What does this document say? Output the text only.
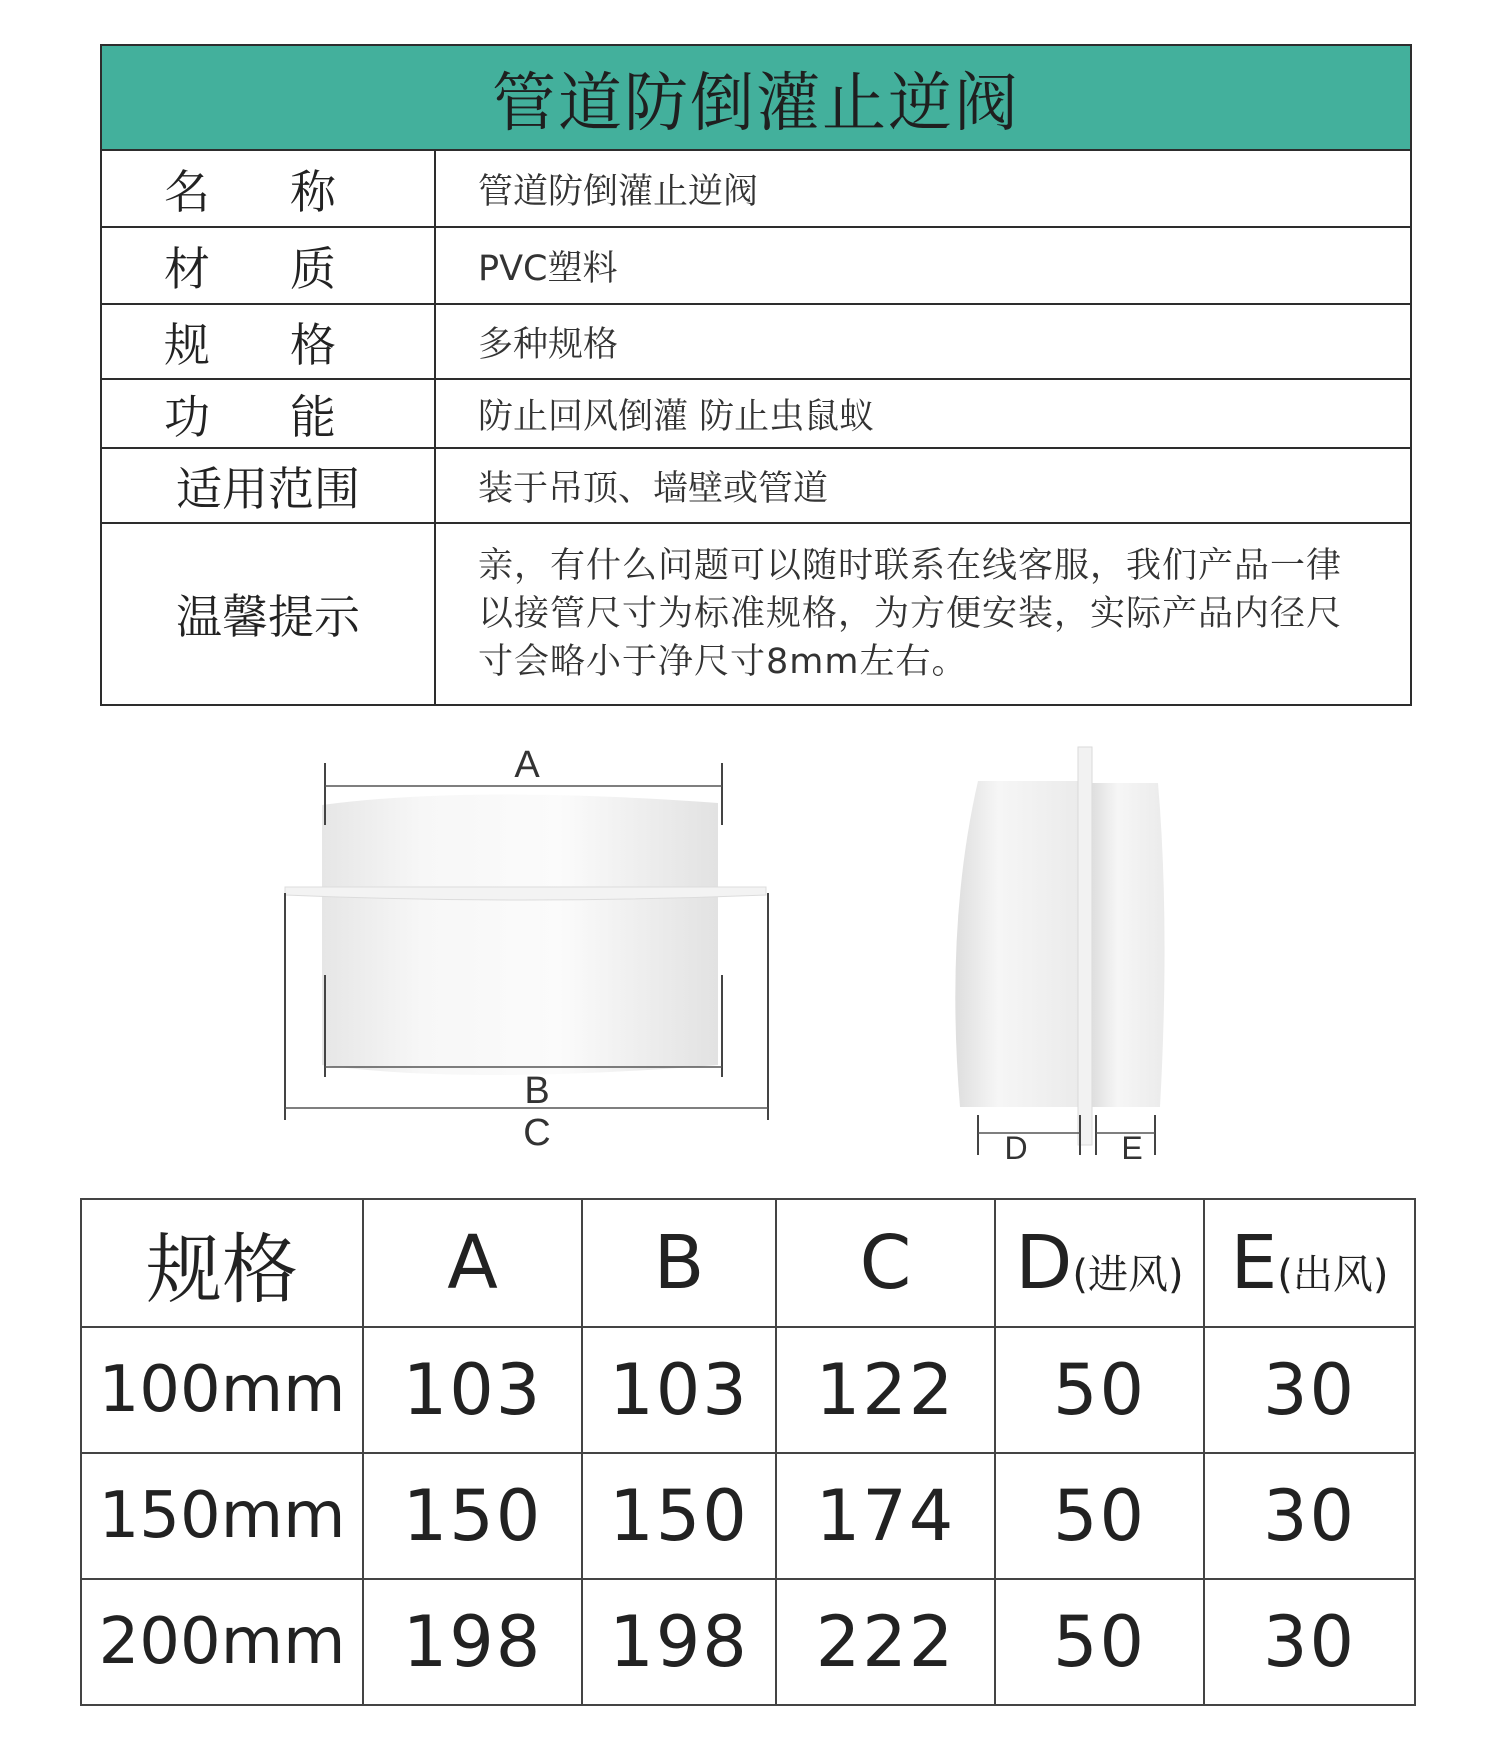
管道防倒灌止逆阀
名 称	管道防倒灌止逆阀
材 质	PVC塑料
规 格	多种规格
功 能	防止回风倒灌 防止虫鼠蚁
适用范围	装于吊顶、墙壁或管道
温馨提示
亲，有什么问题可以随时联系在线客服，我们产品一律以接管尺寸为标准规格，为方便安装，实际产品内径尺寸会略小于净尺寸8mm左右。
A
B
C	D	E
规格	A	B	C	D(进风)	E(出风)
100mm	103	103	122	50	30
150mm	150	150	174	50	30
200mm	198	198	222	50	30
